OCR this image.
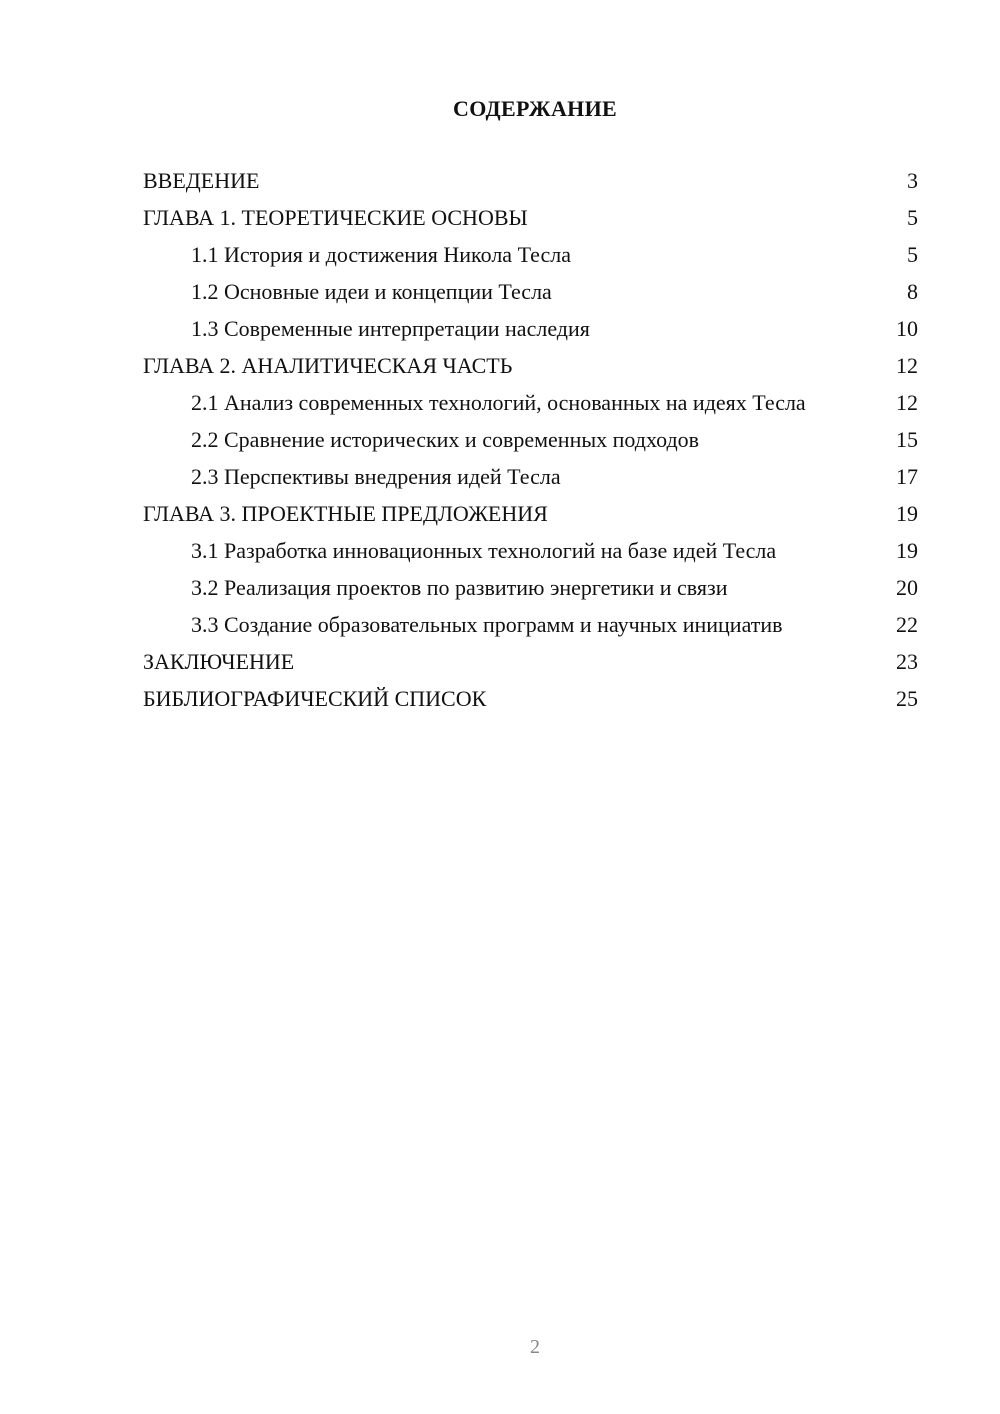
СОДЕРЖАНИЕ
ВВЕДЕНИЕ	3
ГЛАВА 1. ТЕОРЕТИЧЕСКИЕ ОСНОВЫ	5
1.1 История и достижения Никола Тесла	5
1.2 Основные идеи и концепции Тесла	8
1.3 Современные интерпретации наследия	10
ГЛАВА 2. АНАЛИТИЧЕСКАЯ ЧАСТЬ	12
2.1 Анализ современных технологий, основанных на идеях Тесла	12
2.2 Сравнение исторических и современных подходов	15
2.3 Перспективы внедрения идей Тесла	17
ГЛАВА 3. ПРОЕКТНЫЕ ПРЕДЛОЖЕНИЯ	19
3.1 Разработка инновационных технологий на базе идей Тесла	19
3.2 Реализация проектов по развитию энергетики и связи	20
3.3 Создание образовательных программ и научных инициатив	22
ЗАКЛЮЧЕНИЕ	23
БИБЛИОГРАФИЧЕСКИЙ СПИСОК	25
2
